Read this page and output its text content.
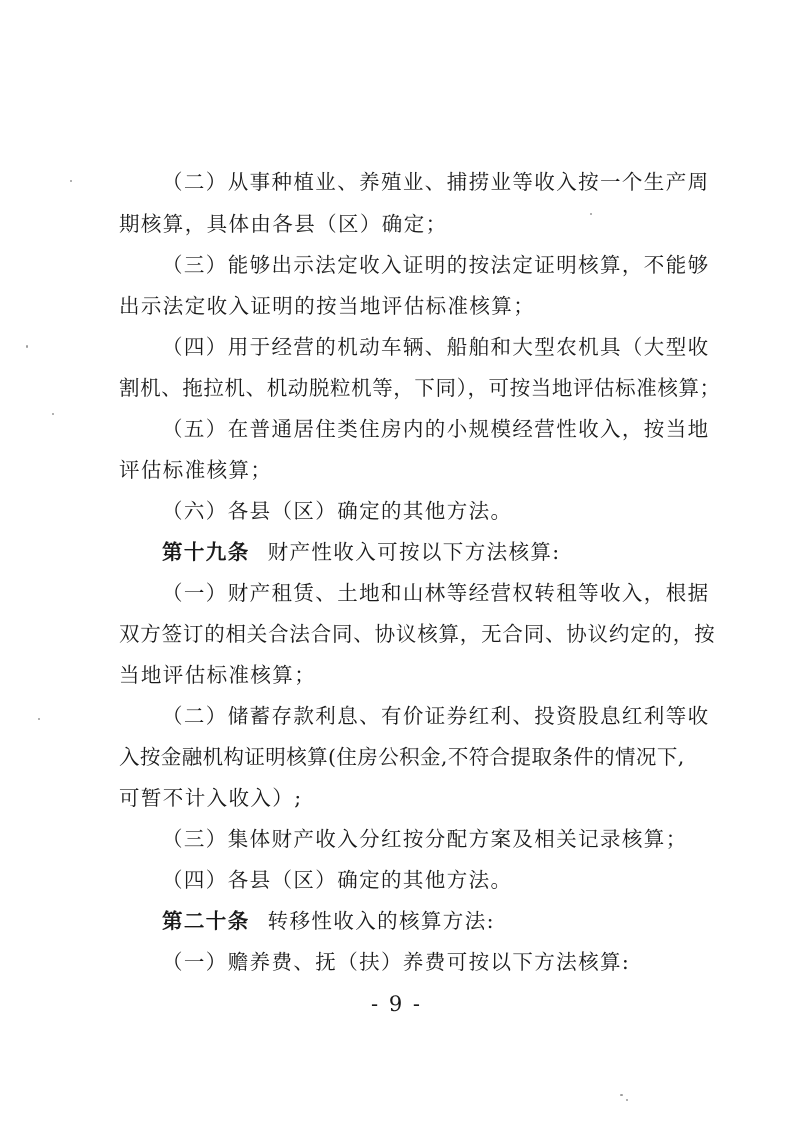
（二）从事种植业、养殖业、捕捞业等收入按一个生产周
期核算，具体由各县（区）确定；
（三）能够出示法定收入证明的按法定证明核算，不能够
出示法定收入证明的按当地评估标准核算；
（四）用于经营的机动车辆、船舶和大型农机具（大型收
割机、拖拉机、机动脱粒机等，下同），可按当地评估标准核算；
（五）在普通居住类住房内的小规模经营性收入，按当地
评估标准核算；
（六）各县（区）确定的其他方法。
第十九条 财产性收入可按以下方法核算:
（一）财产租赁、土地和山林等经营权转租等收入，根据
双方签订的相关合法合同、协议核算，无合同、协议约定的，按
当地评估标准核算；
（二）储蓄存款利息、有价证券红利、投资股息红利等收
入按金融机构证明核算(住房公积金,不符合提取条件的情况下,
可暂不计入收入）;
（三）集体财产收入分红按分配方案及相关记录核算；
（四）各县（区）确定的其他方法。
第二十条 转移性收入的核算方法:
（一）赡养费、抚（扶）养费可按以下方法核算:
- 9 -
